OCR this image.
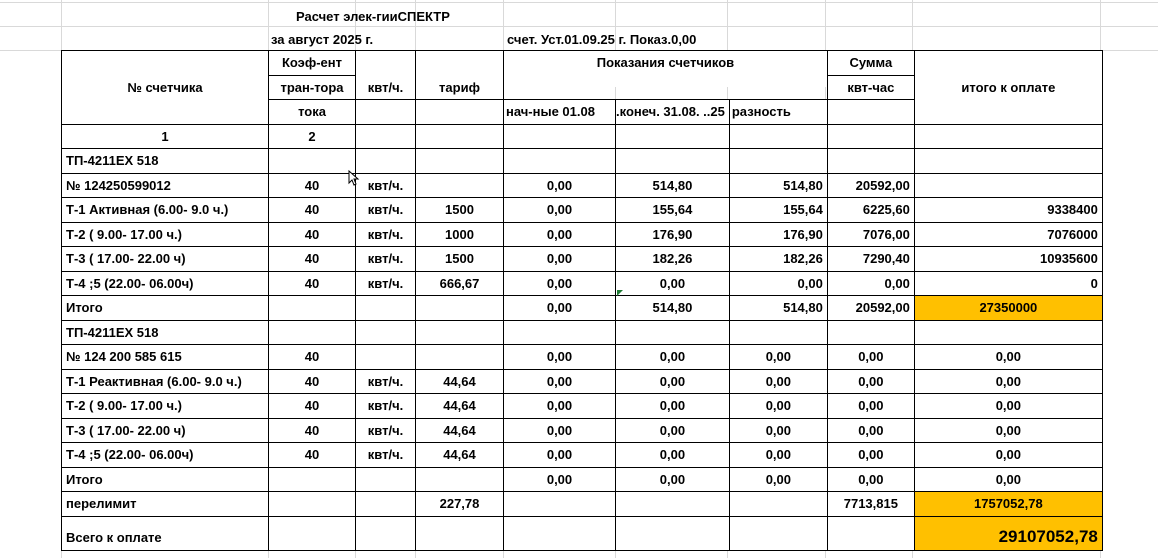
Расчет элек-гииСПЕКТР
за август 2025 г.	счет. Уст.01.09.25 г. Показ.0,00
№ счетчика	Коэф-ент						Сумма	итого к оплате
	тран-тора	квт/ч.	тариф	Показания счетчиков			квт-час	
	тока			нач-ные 01.08	.конеч. 31.08. ..25	разность		
1	2							
ТП-4211ЕХ 518								
№ 124250599012	40	квт/ч.		0,00	514,80	514,80	20592,00	
Т-1 Активная (6.00- 9.0 ч.)	40	квт/ч.	1500	0,00	155,64	155,64	6225,60	9338400
Т-2 ( 9.00- 17.00 ч.)	40	квт/ч.	1000	0,00	176,90	176,90	7076,00	7076000
Т-3 ( 17.00- 22.00 ч)	40	квт/ч.	1500	0,00	182,26	182,26	7290,40	10935600
Т-4 ;5 (22.00- 06.00ч)	40	квт/ч.	666,67	0,00	0,00	0,00	0,00	0
Итого				0,00	514,80	514,80	20592,00	27350000
ТП-4211ЕХ 518								
№ 124 200 585 615	40			0,00	0,00	0,00	0,00	0,00
Т-1 Реактивная (6.00- 9.0 ч.)	40	квт/ч.	44,64	0,00	0,00	0,00	0,00	0,00
Т-2 ( 9.00- 17.00 ч.)	40	квт/ч.	44,64	0,00	0,00	0,00	0,00	0,00
Т-3 ( 17.00- 22.00 ч)	40	квт/ч.	44,64	0,00	0,00	0,00	0,00	0,00
Т-4 ;5 (22.00- 06.00ч)	40	квт/ч.	44,64	0,00	0,00	0,00	0,00	0,00
Итого				0,00	0,00	0,00	0,00	0,00
перелимит			227,78				7713,815	1757052,78
Всего к оплате								29107052,78
